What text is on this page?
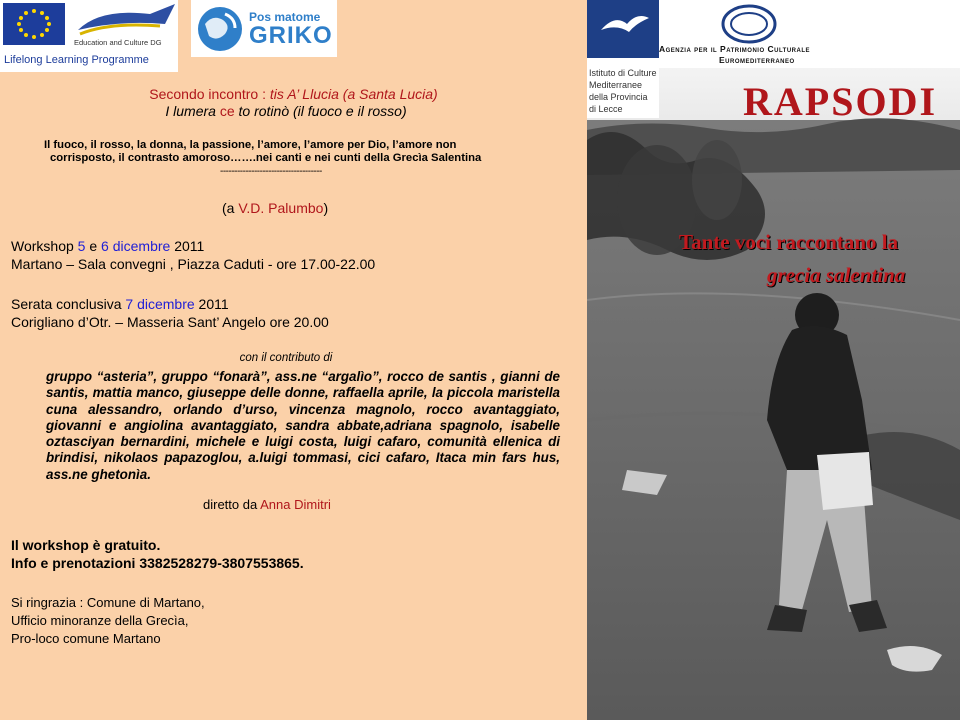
Education and Culture DG
Lifelong Learning Programme
Pos matome
GRIKO
Secondo incontro : tis A’ Llucia (a Santa Lucia)
I lumera ce to rotinò (il fuoco e il rosso)
Il fuoco, il rosso, la donna, la passione, l’amore, l’amore per Dio, l’amore non
corrisposto, il contrasto amoroso…….nei canti e nei cunti della Grecìa Salentina
------------------------------------
(a V.D. Palumbo)
Workshop 5 e 6 dicembre 2011
Martano – Sala convegni , Piazza Caduti - ore 17.00-22.00
Serata conclusiva 7 dicembre 2011
Corigliano d’Otr. – Masseria Sant’ Angelo ore 20.00
con il contributo di
gruppo “asteria”, gruppo “fonarà”, ass.ne “argalìo”, rocco de santis , gianni de santis, mattia manco, giuseppe delle donne, raffaella aprile, la piccola maristella cuna alessandro, orlando d’urso, vincenza magnolo, rocco avantaggiato, giovanni e angiolina avantaggiato, sandra abbate,adriana spagnolo, isabelle oztasciyan bernardini, michele e luigi costa, luigi cafaro, comunità ellenica di brindisi, nikolaos papazoglou, a.luigi tommasi, cici cafaro, Itaca min fars hus, ass.ne ghetonìa.
diretto da Anna Dimitri
Il workshop è gratuito.
Info e prenotazioni 3382528279-3807553865.
Si ringrazia : Comune di Martano,
Ufficio minoranze della Grecìa,
Pro-loco comune Martano
Istituto di Culture
Mediterranee
della Provincia
di Lecce
Agenzia per il Patrimonio Culturale
Euromediterraneo
RAPSODI
Tante voci raccontano la
grecia salentina
